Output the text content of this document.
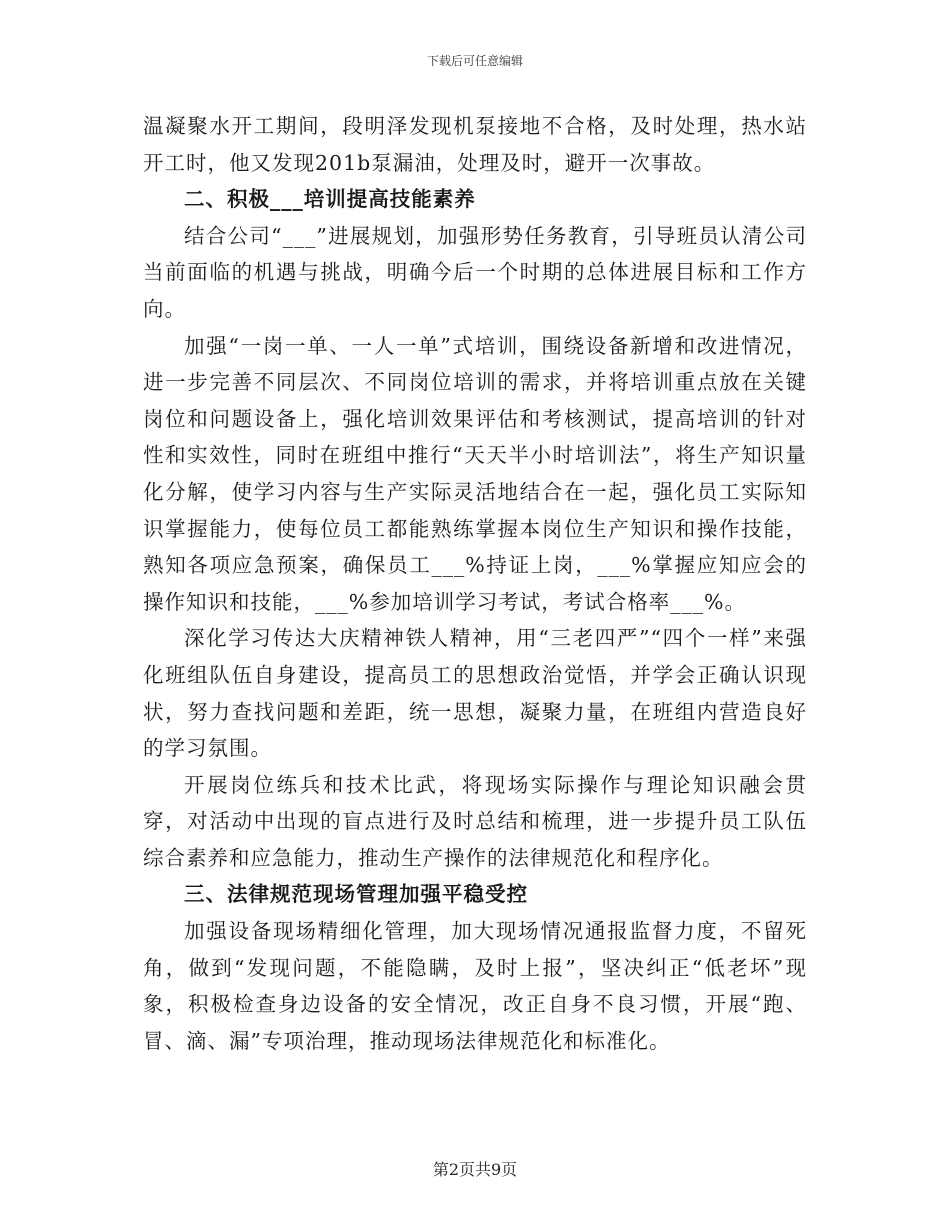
下载后可任意编辑

温凝聚水开工期间，段明泽发现机泵接地不合格，及时处理，热水站开工时，他又发现201b泵漏油，处理及时，避开一次事故。

二、积极___培训提高技能素养

结合公司“___”进展规划，加强形势任务教育，引导班员认清公司当前面临的机遇与挑战，明确今后一个时期的总体进展目标和工作方向。

加强“一岗一单、一人一单”式培训，围绕设备新增和改进情况，进一步完善不同层次、不同岗位培训的需求，并将培训重点放在关键岗位和问题设备上，强化培训效果评估和考核测试，提高培训的针对性和实效性，同时在班组中推行“天天半小时培训法”，将生产知识量化分解，使学习内容与生产实际灵活地结合在一起，强化员工实际知识掌握能力，使每位员工都能熟练掌握本岗位生产知识和操作技能，熟知各项应急预案，确保员工___%持证上岗，___%掌握应知应会的操作知识和技能，___%参加培训学习考试，考试合格率___%。

深化学习传达大庆精神铁人精神，用“三老四严”“四个一样”来强化班组队伍自身建设，提高员工的思想政治觉悟，并学会正确认识现状，努力查找问题和差距，统一思想，凝聚力量，在班组内营造良好的学习氛围。

开展岗位练兵和技术比武，将现场实际操作与理论知识融会贯穿，对活动中出现的盲点进行及时总结和梳理，进一步提升员工队伍综合素养和应急能力，推动生产操作的法律规范化和程序化。

三、法律规范现场管理加强平稳受控

加强设备现场精细化管理，加大现场情况通报监督力度，不留死角，做到“发现问题，不能隐瞒，及时上报”，坚决纠正“低老坏”现象，积极检查身边设备的安全情况，改正自身不良习惯，开展“跑、冒、滴、漏”专项治理，推动现场法律规范化和标准化。

第2页共9页
